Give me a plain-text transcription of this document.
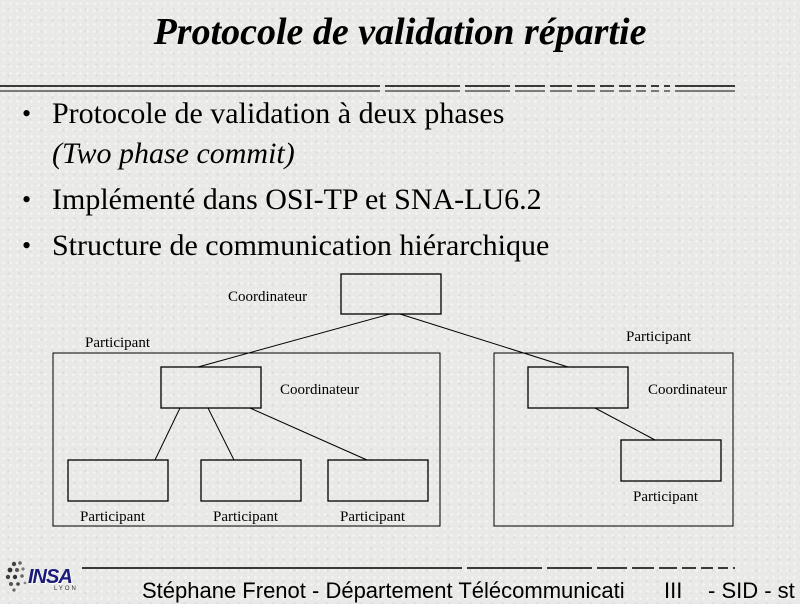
Protocole de validation répartie
• Protocole de validation à deux phases
(Two phase commit)
• Implémenté dans OSI-TP et SNA-LU6.2
• Structure de communication hiérarchique
Coordinateur
Participant
Coordinateur
Participant	Participant	Participant
Participant
Coordinateur
Participant
INSA
LYON	Stéphane Frenot - Département Télécommunicati III - SID - st
